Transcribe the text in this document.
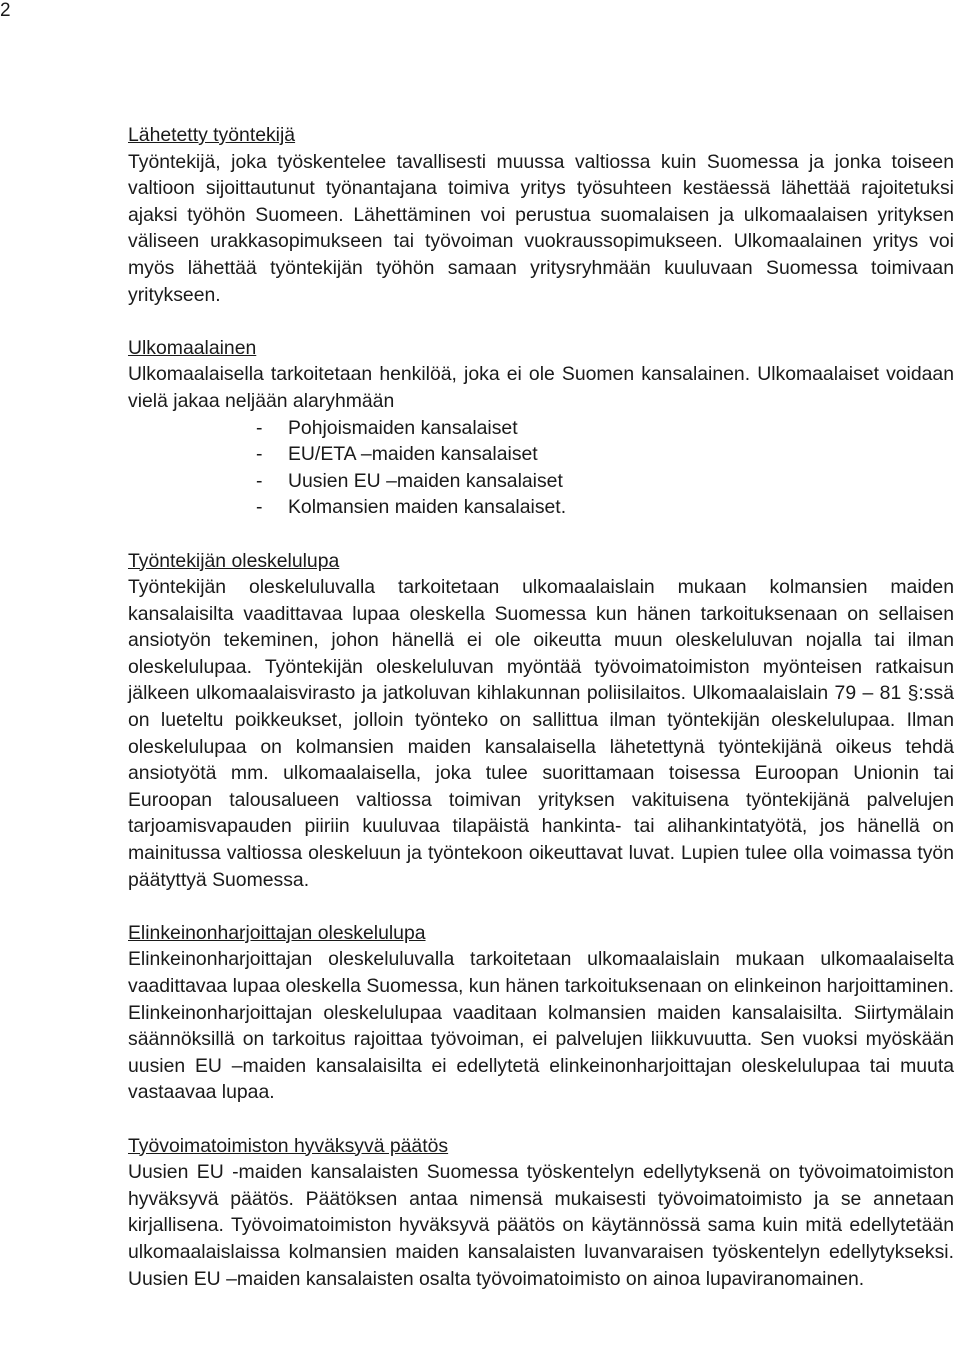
2
Lähetetty työntekijä
Työntekijä, joka työskentelee tavallisesti muussa valtiossa kuin Suomessa ja jonka toiseen valtioon sijoittautunut työnantajana toimiva yritys työsuhteen kestäessä lähettää rajoitetuksi ajaksi työhön Suomeen. Lähettäminen voi perustua suomalaisen ja ulkomaalaisen yrityksen väliseen urakkasopimukseen tai työvoiman vuokraussopimukseen. Ulkomaalainen yritys voi myös lähettää työntekijän työhön samaan yritysryhmään kuuluvaan Suomessa toimivaan yritykseen.
Ulkomaalainen
Ulkomaalaisella tarkoitetaan henkilöä, joka ei ole Suomen kansalainen. Ulkomaalaiset voidaan vielä jakaa neljään alaryhmään
- Pohjoismaiden kansalaiset
- EU/ETA –maiden kansalaiset
- Uusien EU –maiden kansalaiset
- Kolmansien maiden kansalaiset.
Työntekijän oleskelulupa
Työntekijän oleskeluluvalla tarkoitetaan ulkomaalaislain mukaan kolmansien maiden kansalaisilta vaadittavaa lupaa oleskella Suomessa kun hänen tarkoituksenaan on sellaisen ansiotyön tekeminen, johon hänellä ei ole oikeutta muun oleskeluluvan nojalla tai ilman oleskelulupaa. Työntekijän oleskeluluvan myöntää työvoimatoimiston myönteisen ratkaisun jälkeen ulkomaalaisvirasto ja jatkoluvan kihlakunnan poliisilaitos. Ulkomaalaislain 79 – 81 §:ssä on lueteltu poikkeukset, jolloin työnteko on sallittua ilman työntekijän oleskelulupaa. Ilman oleskelulupaa on kolmansien maiden kansalaisella lähetettynä työntekijänä oikeus tehdä ansiotyötä mm. ulkomaalaisella, joka tulee suorittamaan toisessa Euroopan Unionin tai Euroopan talousalueen valtiossa toimivan yrityksen vakituisena työntekijänä palvelujen tarjoamisvapauden piiriin kuuluvaa tilapäistä hankinta- tai alihankintatyötä, jos hänellä on mainitussa valtiossa oleskeluun ja työntekoon oikeuttavat luvat. Lupien tulee olla voimassa työn päätyttyä Suomessa.
Elinkeinonharjoittajan oleskelulupa
Elinkeinonharjoittajan oleskeluluvalla tarkoitetaan ulkomaalaislain mukaan ulkomaalaiselta vaadittavaa lupaa oleskella Suomessa, kun hänen tarkoituksenaan on elinkeinon harjoittaminen. Elinkeinonharjoittajan oleskelulupaa vaaditaan kolmansien maiden kansalaisilta. Siirtymälain säännöksillä on tarkoitus rajoittaa työvoiman, ei palvelujen liikkuvuutta. Sen vuoksi myöskään uusien EU –maiden kansalaisilta ei edellytetä elinkeinonharjoittajan oleskelulupaa tai muuta vastaavaa lupaa.
Työvoimatoimiston hyväksyvä päätös
Uusien EU -maiden kansalaisten Suomessa työskentelyn edellytyksenä on työvoimatoimiston hyväksyvä päätös. Päätöksen antaa nimensä mukaisesti työvoimatoimisto ja se annetaan kirjallisena. Työvoimatoimiston hyväksyvä päätös on käytännössä sama kuin mitä edellytetään ulkomaalaislaissa kolmansien maiden kansalaisten luvanvaraisen työskentelyn edellytykseksi. Uusien EU –maiden kansalaisten osalta työvoimatoimisto on ainoa lupaviranomainen.
